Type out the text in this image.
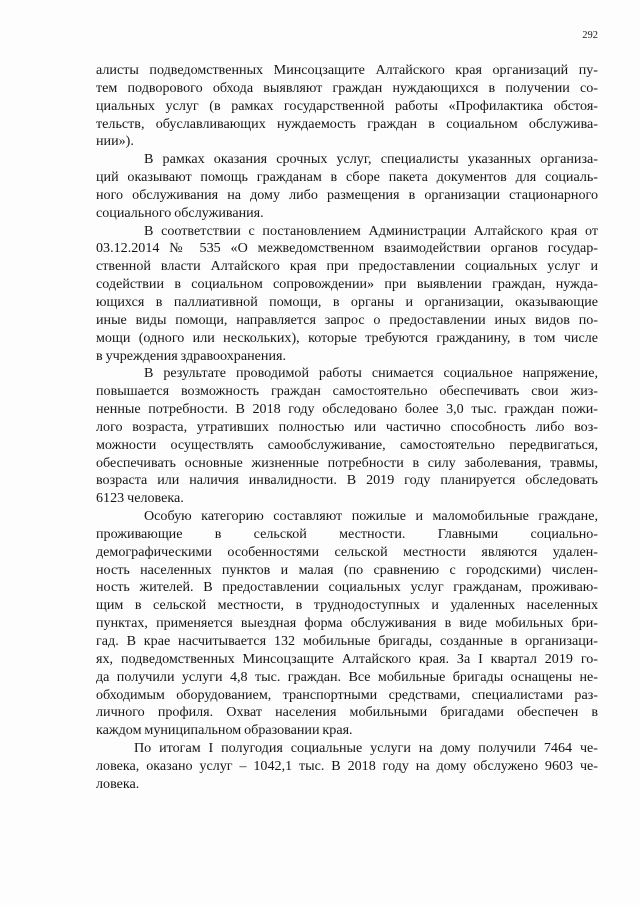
292
алисты подведомственных Минсоцзащите Алтайского края организаций пу-
тем подворового обхода выявляют граждан нуждающихся в получении со-
циальных услуг (в рамках государственной работы «Профилактика обстоя-
тельств, обуславливающих нуждаемость граждан в социальном обслужива-
нии»).
В рамках оказания срочных услуг, специалисты указанных организа-
ций оказывают помощь гражданам в сборе пакета документов для социаль-
ного обслуживания на дому либо размещения в организации стационарного
социального обслуживания.
В соответствии с постановлением Администрации Алтайского края от
03.12.2014 № 535 «О межведомственном взаимодействии органов государ-
ственной власти Алтайского края при предоставлении социальных услуг и
содействии в социальном сопровождении» при выявлении граждан, нужда-
ющихся в паллиативной помощи, в органы и организации, оказывающие
иные виды помощи, направляется запрос о предоставлении иных видов по-
мощи (одного или нескольких), которые требуются гражданину, в том числе
в учреждения здравоохранения.
В результате проводимой работы снимается социальное напряжение,
повышается возможность граждан самостоятельно обеспечивать свои жиз-
ненные потребности. В 2018 году обследовано более 3,0 тыс. граждан пожи-
лого возраста, утративших полностью или частично способность либо воз-
можности осуществлять самообслуживание, самостоятельно передвигаться,
обеспечивать основные жизненные потребности в силу заболевания, травмы,
возраста или наличия инвалидности. В 2019 году планируется обследовать
6123 человека.
Особую категорию составляют пожилые и маломобильные граждане,
проживающие в сельской местности. Главными социально-
демографическими особенностями сельской местности являются удален-
ность населенных пунктов и малая (по сравнению с городскими) числен-
ность жителей. В предоставлении социальных услуг гражданам, проживаю-
щим в сельской местности, в труднодоступных и удаленных населенных
пунктах, применяется выездная форма обслуживания в виде мобильных бри-
гад. В крае насчитывается 132 мобильные бригады, созданные в организаци-
ях, подведомственных Минсоцзащите Алтайского края. За I квартал 2019 го-
да получили услуги 4,8 тыс. граждан. Все мобильные бригады оснащены не-
обходимым оборудованием, транспортными средствами, специалистами раз-
личного профиля. Охват населения мобильными бригадами обеспечен в
каждом муниципальном образовании края.
По итогам I полугодия социальные услуги на дому получили 7464 че-
ловека, оказано услуг – 1042,1 тыс. В 2018 году на дому обслужено 9603 че-
ловека.
